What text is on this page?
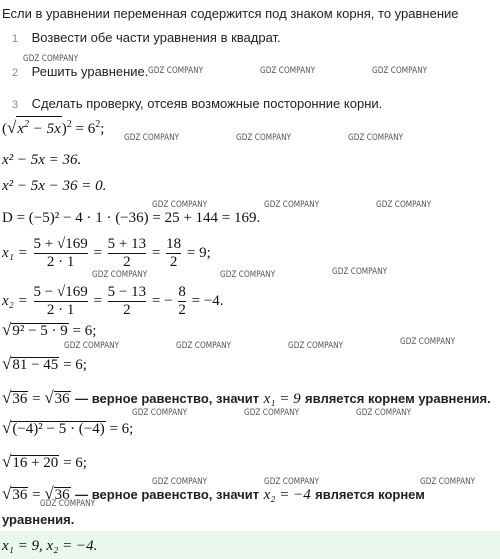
Если в уравнении переменная содержится под знаком корня, то уравнение
1 Возвести обе части уравнения в квадрат.
2 Решить уравнение.
3 Сделать проверку, отсеяв возможные посторонние корни.
$(√x^2 - 5x)^2 = 6^2$;
x² − 5x = 36.
x² − 5x − 36 = 0.
D = (−5)² − 4 · 1 · (−36) = 25 + 144 = 169.
$x_1 = \frac{5 + √169}{2 \cdot 1} = \frac{5 + 13}{2} = \frac{18}{2} = 9$;
$x_2 = \frac{5 - √169}{2 \cdot 1} = \frac{5 - 13}{2}$ = − $\frac{8}{2} = -4$.
√9² − 5 · 9 = 6;
√81 − 45 = 6;
√36 = √36 — верное равенство, значит x₁ = 9 является корнем уравнения.
√(−4)² − 5 · (−4) = 6;
√16 + 20 = 6;
√36 = √36 — верное равенство, значит x₂ = −4 является корнем
уравнения.
x₁ = 9, x₂ = −4.
GDZ COMPANY
GDZ COMPANY	GDZ COMPANY	GDZ COMPANY
GDZ COMPANY	GDZ COMPANY	GDZ COMPANY
GDZ COMPANY	GDZ COMPANY	GDZ COMPANY
GDZ COMPANY	GDZ COMPANY	GDZ COMPANY
GDZ COMPANY	GDZ COMPANY	GDZ COMPANY	GDZ COMPANY
GDZ COMPANY	GDZ COMPANY	GDZ COMPANY
GDZ COMPANY	GDZ COMPANY	GDZ COMPANY
GDZ COMPANY
